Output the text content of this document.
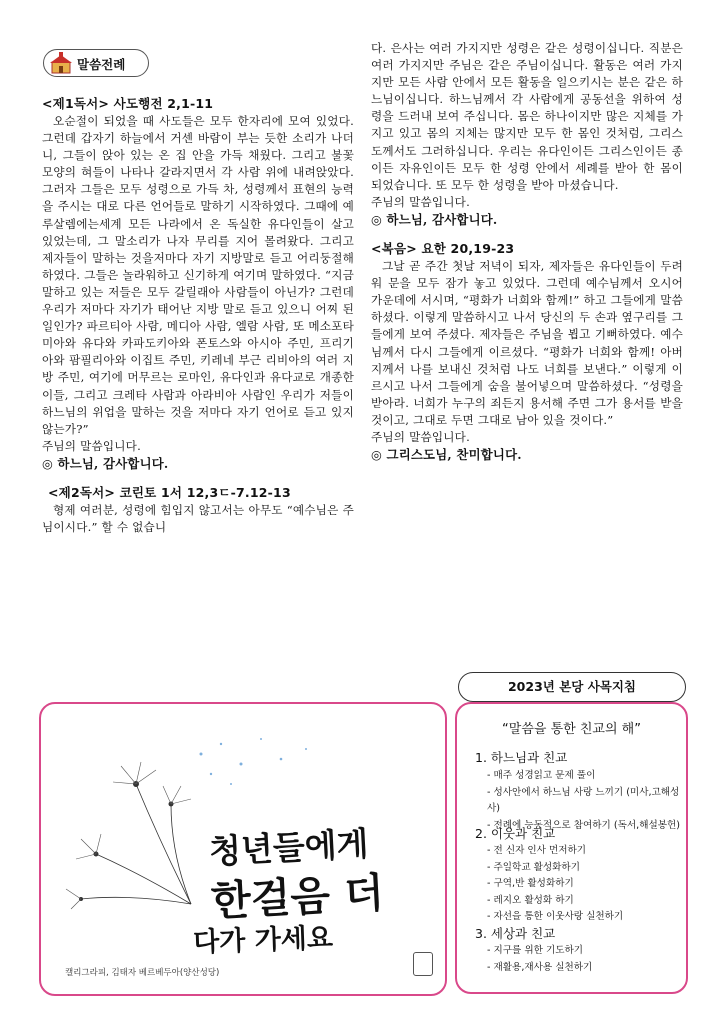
말씀전례
<제1독서> 사도행전 2,1-11

오순절이 되었을 때 사도들은 모두 한자리에 모여 있었다. 그런데 갑자기 하늘에서 거센 바람이 부는 듯한 소리가 나더니, 그들이 앉아 있는 온 집 안을 가득 채웠다. 그리고 불꽃 모양의 혀들이 나타나 갈라지면서 각 사람 위에 내려앉았다. 그러자 그들은 모두 성령으로 가득 차, 성령께서 표현의 능력을 주시는 대로 다른 언어들로 말하기 시작하였다. 그때에 예루살렘에는세계 모든 나라에서 온 독실한 유다인들이 살고 있었는데, 그 말소리가 나자 무리를 지어 몰려왔다. 그리고 제자들이 말하는 것을저마다 자기 지방말로 듣고 어리둥절해하였다. 그들은 놀라워하고 신기하게 여기며 말하였다. “지금 말하고 있는 저들은 모두 갈릴래아 사람들이 아닌가? 그런데 우리가 저마다 자기가 태어난 지방 말로 듣고 있으니 어찌 된 일인가? 파르티아 사람, 메디아 사람, 엘람 사람, 또 메소포타미아와 유다와 카파도키아와 폰토스와 아시아 주민, 프리기아와 팜필리아와 이집트 주민, 키레네 부근 리비아의 여러 지방 주민, 여기에 머무르는 로마인, 유다인과 유다교로 개종한 이들, 그리고 크레타 사람과 아라비아 사람인 우리가 저들이 하느님의 위업을 말하는 것을 저마다 자기 언어로 듣고 있지 않는가?”

주님의 말씀입니다.

◎ 하느님, 감사합니다.

<제2독서> 코린토 1서 12,3ㄷ-7.12-13

형제 여러분, 성령에 힘입지 않고서는 아무도 “예수님은 주님이시다.” 할 수 없습니

다. 은사는 여러 가지지만 성령은 같은 성령이십니다. 직분은 여러 가지지만 주님은 같은 주님이십니다. 활동은 여러 가지지만 모든 사람 안에서 모든 활동을 일으키시는 분은 같은 하느님이십니다. 하느님께서 각 사람에게 공동선을 위하여 성령을 드러내 보여 주십니다. 몸은 하나이지만 많은 지체를 가지고 있고 몸의 지체는 많지만 모두 한 몸인 것처럼, 그리스도께서도 그러하십니다. 우리는 유다인이든 그리스인이든 종이든 자유인이든 모두 한 성령 안에서 세례를 받아 한 몸이 되었습니다. 또 모두 한 성령을 받아 마셨습니다.

주님의 말씀입니다.

◎ 하느님, 감사합니다.

<복음> 요한 20,19-23

그날 곧 주간 첫날 저녁이 되자, 제자들은 유다인들이 두려워 문을 모두 잠가 놓고 있었다. 그런데 예수님께서 오시어 가운데에 서시며, “평화가 너희와 함께!” 하고 그들에게 말씀하셨다. 이렇게 말씀하시고 나서 당신의 두 손과 옆구리를 그들에게 보여 주셨다. 제자들은 주님을 뵙고 기뻐하였다. 예수님께서 다시 그들에게 이르셨다. “평화가 너희와 함께! 아버지께서 나를 보내신 것처럼 나도 너희를 보낸다.” 이렇게 이르시고 나서 그들에게 숨을 불어넣으며 말씀하셨다. “성령을 받아라. 너희가 누구의 죄든지 용서해 주면 그가 용서를 받을 것이고, 그대로 두면 그대로 남아 있을 것이다.”

주님의 말씀입니다.

◎ 그리스도님, 찬미합니다.

2023년 본당 사목지침
청년들에게
한걸음 더
다가 가세요
캘리그라피, 김태자 베르베두아(양산성당)
“말씀을 통한 친교의 해”
1. 하느님과 친교
- 매주 성경읽고 문제 풀이
- 성사안에서 하느님 사랑 느끼기 (미사,고해성사)
- 전례에 능동적으로 참여하기 (독서,해설봉헌)
2. 이웃과 친교
- 전 신자 인사 먼저하기
- 주일학교 활성화하기
- 구역,반 활성화하기
- 레지오 활성화 하기
- 자선을 통한 이웃사랑 실천하기
3. 세상과 친교
- 지구를 위한 기도하기
- 재활용,재사용 실천하기
